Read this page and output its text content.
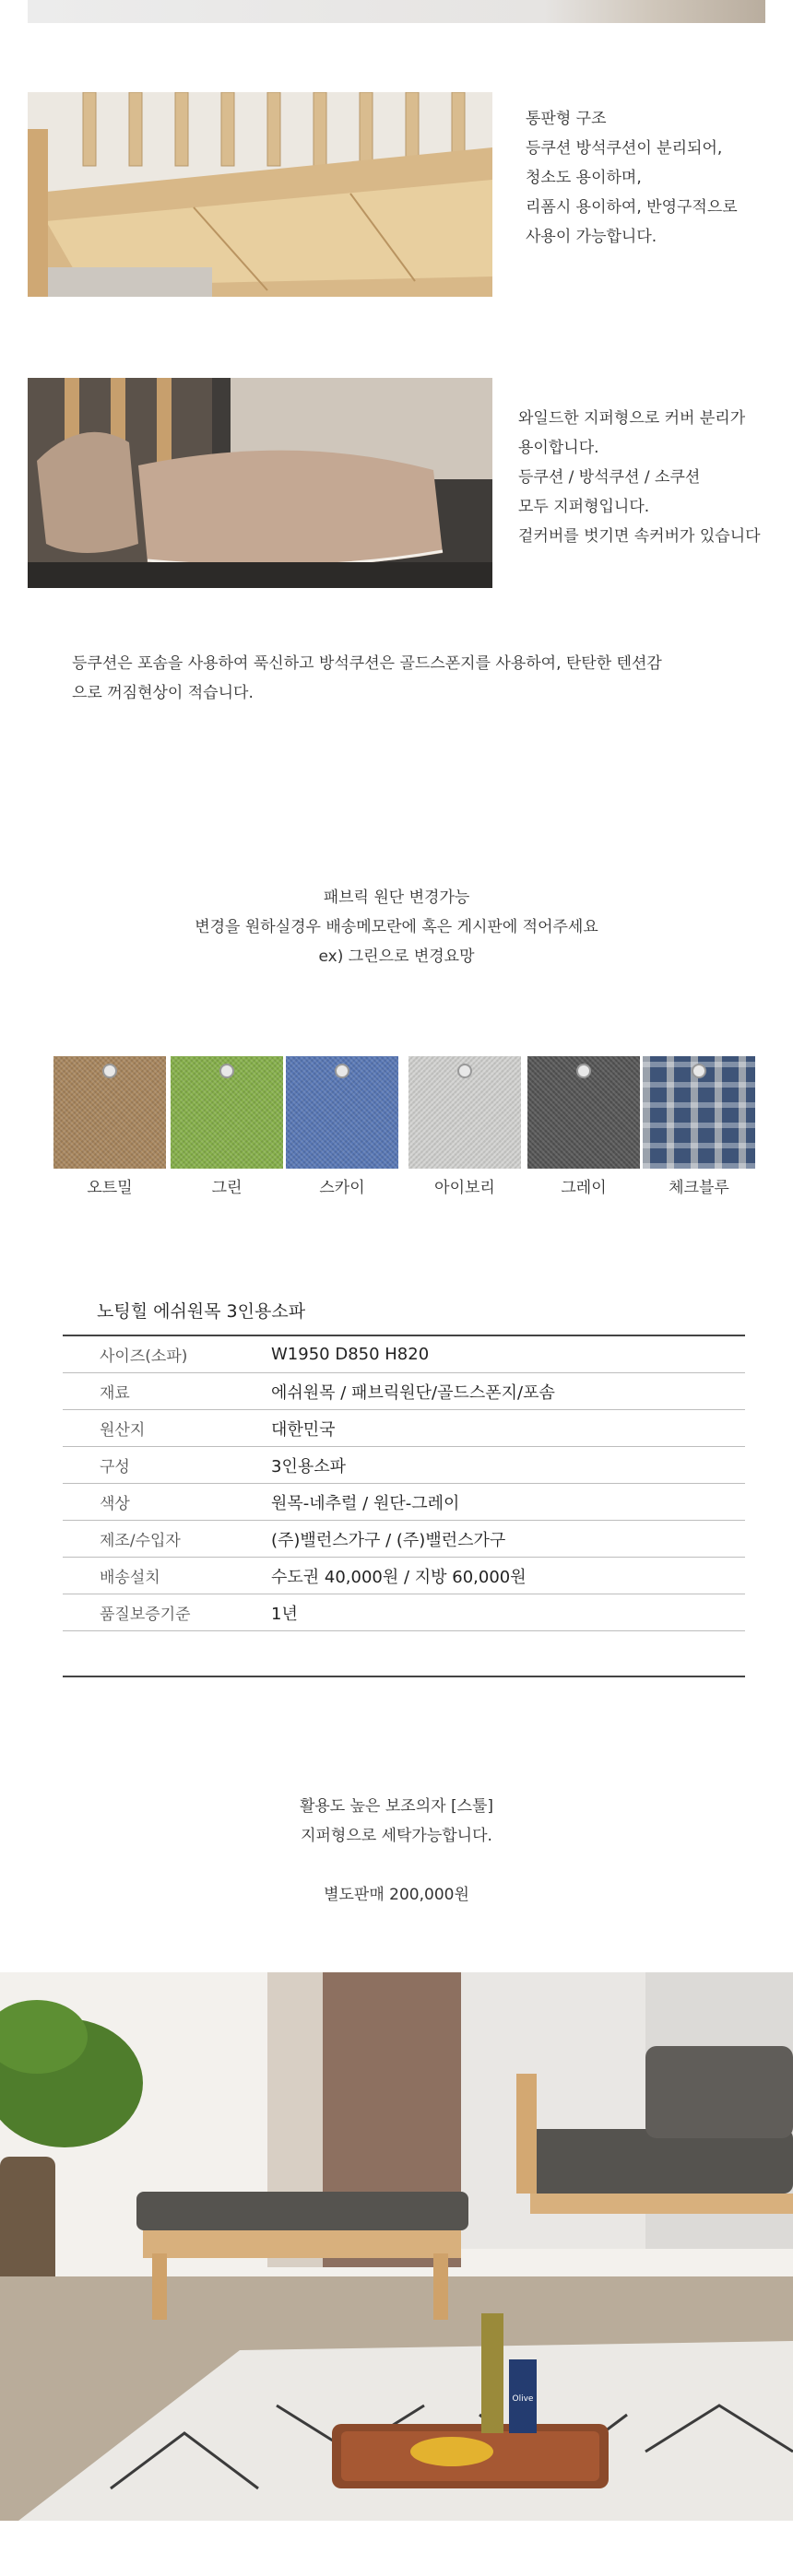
통판형 구조
등쿠션 방석쿠션이 분리되어,
청소도 용이하며,
리폼시 용이하여, 반영구적으로
사용이 가능합니다.
와일드한 지퍼형으로 커버 분리가
용이합니다.
등쿠션 / 방석쿠션 / 소쿠션
모두 지퍼형입니다.
겉커버를 벗기면 속커버가 있습니다
등쿠션은 포솜을 사용하여 푹신하고 방석쿠션은 골드스폰지를 사용하여, 탄탄한 텐션감
으로 꺼짐현상이 적습니다.
패브릭 원단 변경가능
변경을 원하실경우 배송메모란에 혹은 게시판에 적어주세요
ex) 그린으로 변경요망
오트밀	그린	스카이	아이보리	그레이	체크블루
노팅힐 에쉬원목 3인용소파
사이즈(소파)	W1950 D850 H820
재료	에쉬원목 / 패브릭원단/골드스폰지/포솜
원산지	대한민국
구성	3인용소파
색상	원목-네추럴 / 원단-그레이
제조/수입자	(주)밸런스가구 / (주)밸런스가구
배송설치	수도권 40,000원 / 지방 60,000원
품질보증기준	1년
활용도 높은 보조의자 [스툴]
지퍼형으로 세탁가능합니다.
별도판매 200,000원
Olive
